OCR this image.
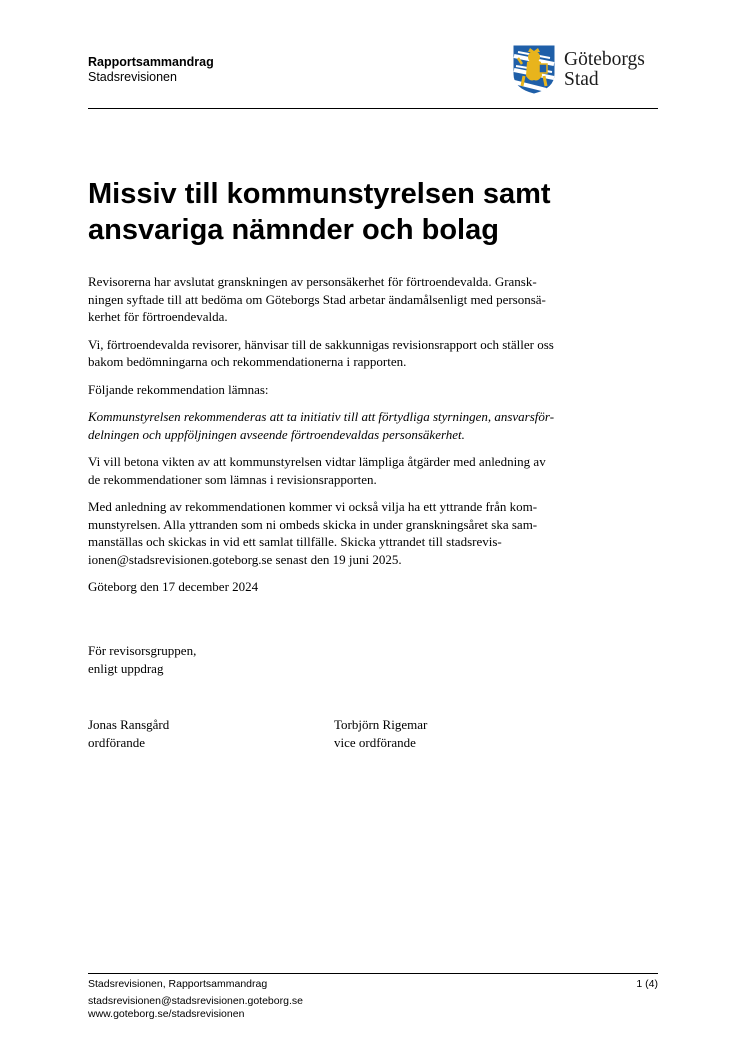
Rapportsammandrag
Stadsrevisionen
Göteborgs
Stad
Missiv till kommunstyrelsen samt
ansvariga nämnder och bolag

Revisorerna har avslutat granskningen av personsäkerhet för förtroendevalda. Gransk-
ningen syftade till att bedöma om Göteborgs Stad arbetar ändamålsenligt med personsä-
kerhet för förtroendevalda.

Vi, förtroendevalda revisorer, hänvisar till de sakkunnigas revisionsrapport och ställer oss
bakom bedömningarna och rekommendationerna i rapporten.

Följande rekommendation lämnas:

Kommunstyrelsen rekommenderas att ta initiativ till att förtydliga styrningen, ansvarsför-
delningen och uppföljningen avseende förtroendevaldas personsäkerhet.

Vi vill betona vikten av att kommunstyrelsen vidtar lämpliga åtgärder med anledning av
de rekommendationer som lämnas i revisionsrapporten.

Med anledning av rekommendationen kommer vi också vilja ha ett yttrande från kom-
munstyrelsen. Alla yttranden som ni ombeds skicka in under granskningsåret ska sam-
manställas och skickas in vid ett samlat tillfälle. Skicka yttrandet till stadsrevis-
ionen@stadsrevisionen.goteborg.se senast den 19 juni 2025.

Göteborg den 17 december 2024

För revisorsgruppen,
enligt uppdrag
Jonas Ransgård
ordförande
Torbjörn Rigemar
vice ordförande
Stadsrevisionen, Rapportsammandrag	1 (4)
stadsrevisionen@stadsrevisionen.goteborg.se
www.goteborg.se/stadsrevisionen
